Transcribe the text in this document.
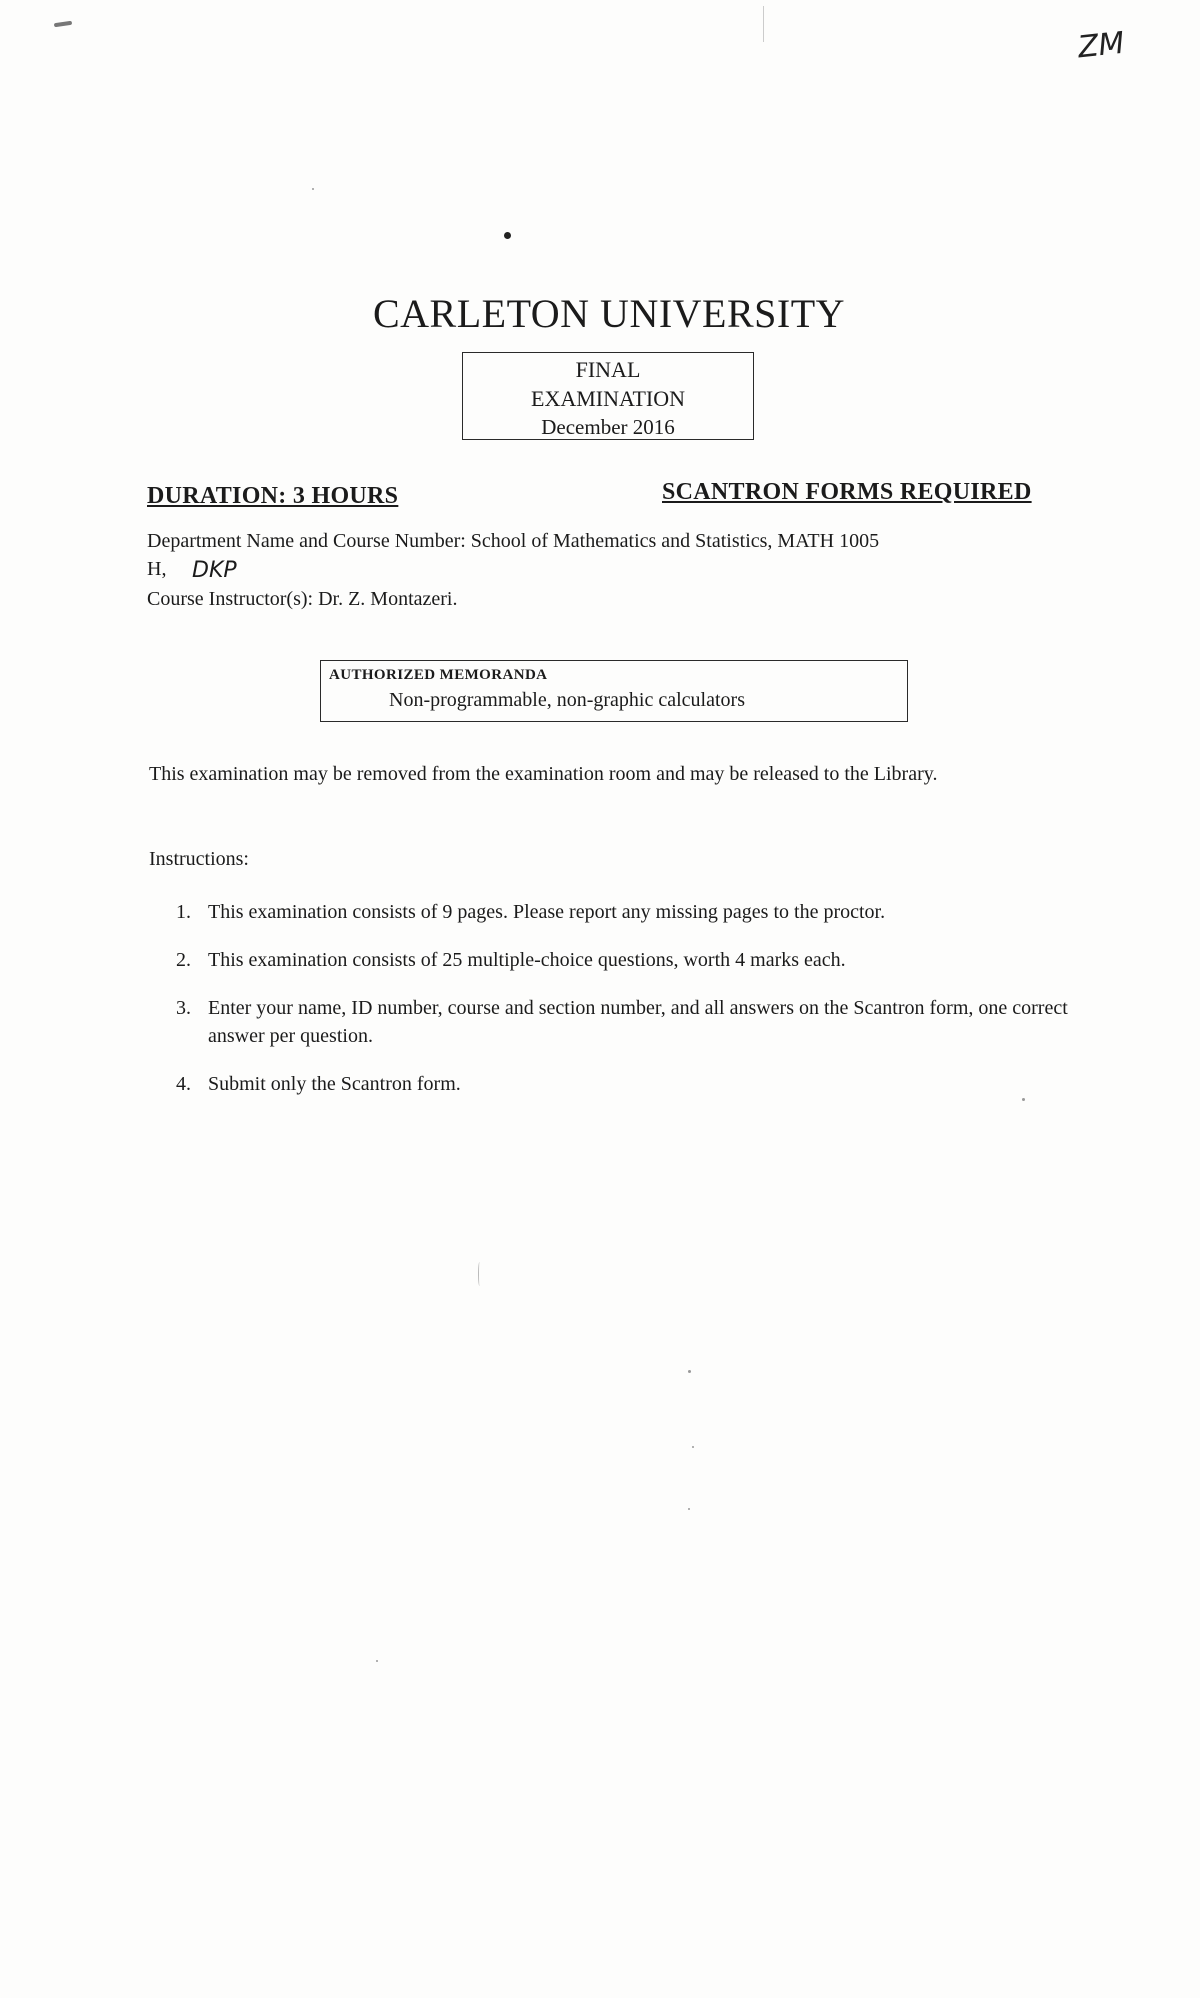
ZM
CARLETON UNIVERSITY
FINAL
EXAMINATION
December 2016
DURATION: 3 HOURS	SCANTRON FORMS REQUIRED
Department Name and Course Number: School of Mathematics and Statistics, MATH 1005
H, DKP
Course Instructor(s): Dr. Z. Montazeri.
AUTHORIZED MEMORANDA
Non-programmable, non-graphic calculators
This examination may be removed from the examination room and may be released to the Library.
Instructions:
1. This examination consists of 9 pages. Please report any missing pages to the proctor.
2. This examination consists of 25 multiple-choice questions, worth 4 marks each.
3. Enter your name, ID number, course and section number, and all answers on the Scantron form, one correct answer per question.
4. Submit only the Scantron form.
